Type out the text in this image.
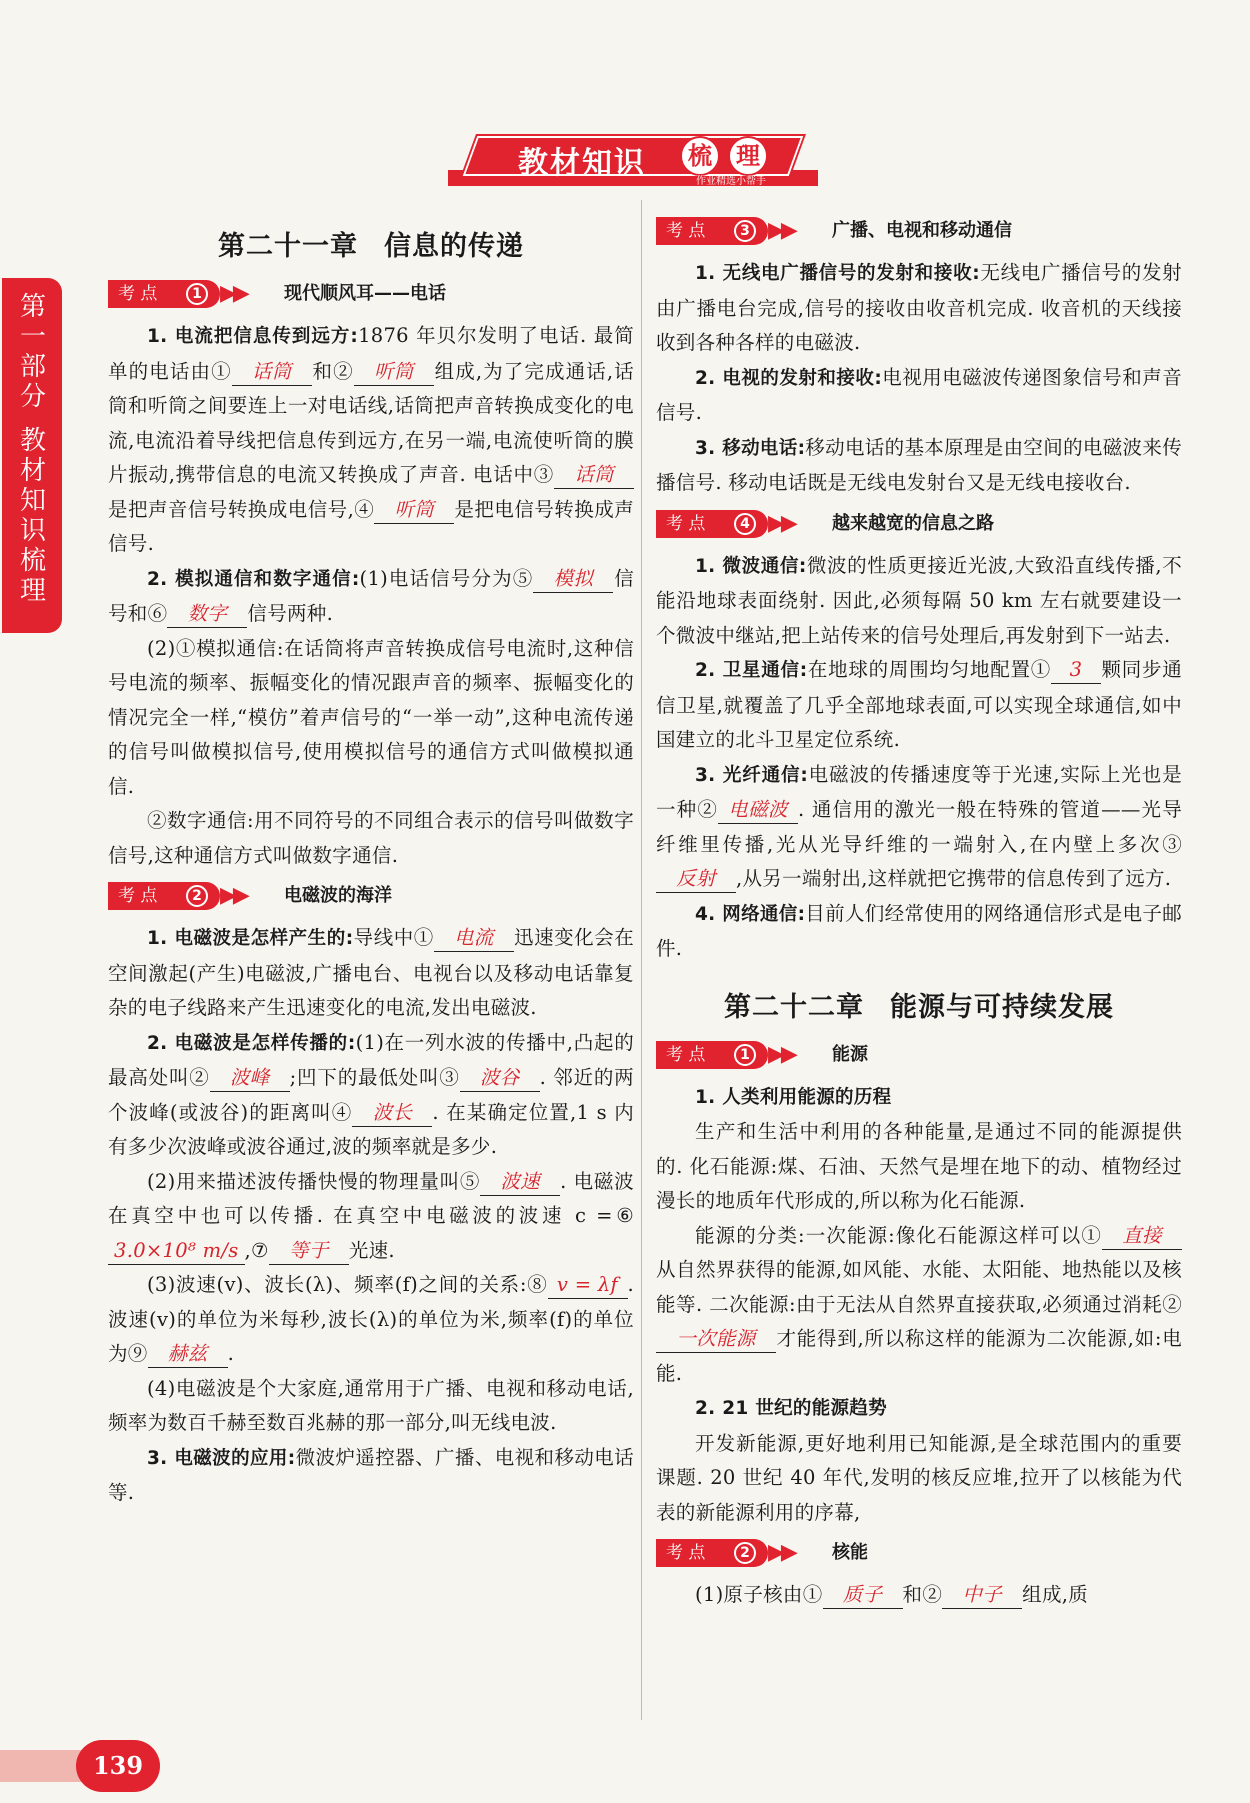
教材知识	梳	理
作业精选小帮手
第
一
部
分
教
材
知
识
梳
理
第二十一章 信息的传递
考 点	1 ▶▶ 现代顺风耳——电话

1. 电流把信息传到远方:1876 年贝尔发明了电话. 最简单的电话由① 话筒 和② 听筒 组成,为了完成通话,话筒和听筒之间要连上一对电话线,话筒把声音转换成变化的电流,电流沿着导线把信息传到远方,在另一端,电流使听筒的膜片振动,携带信息的电流又转换成了声音. 电话中③ 话筒是把声音信号转换成电信号,④ 听筒 是把电信号转换成声信号.

2. 模拟通信和数字通信:(1)电话信号分为⑤ 模拟 信号和⑥ 数字 信号两种.

(2)①模拟通信:在话筒将声音转换成信号电流时,这种信号电流的频率、振幅变化的情况跟声音的频率、振幅变化的情况完全一样,“模仿”着声信号的“一举一动”,这种电流传递的信号叫做模拟信号,使用模拟信号的通信方式叫做模拟通信.

②数字通信:用不同符号的不同组合表示的信号叫做数字信号,这种通信方式叫做数字通信.

考 点	2 ▶▶ 电磁波的海洋

1. 电磁波是怎样产生的:导线中① 电流 迅速变化会在空间激起(产生)电磁波,广播电台、电视台以及移动电话靠复杂的电子线路来产生迅速变化的电流,发出电磁波.

2. 电磁波是怎样传播的:(1)在一列水波的传播中,凸起的最高处叫② 波峰 ;凹下的最低处叫③ 波谷 . 邻近的两个波峰(或波谷)的距离叫④ 波长 . 在某确定位置,1 s 内有多少次波峰或波谷通过,波的频率就是多少.

(2)用来描述波传播快慢的物理量叫⑤ 波速 . 电磁波在真空中也可以传播. 在真空中电磁波的波速 c =⑥3.0×10⁸ m/s ,⑦ 等于 光速.

(3)波速(v)、波长(λ)、频率(f)之间的关系:⑧ v = λf . 波速(v)的单位为米每秒,波长(λ)的单位为米,频率(f)的单位为⑨ 赫兹 .

(4)电磁波是个大家庭,通常用于广播、电视和移动电话,频率为数百千赫至数百兆赫的那一部分,叫无线电波.

3. 电磁波的应用:微波炉遥控器、广播、电视和移动电话等.

考 点	3 ▶▶ 广播、电视和移动通信

1. 无线电广播信号的发射和接收:无线电广播信号的发射由广播电台完成,信号的接收由收音机完成. 收音机的天线接收到各种各样的电磁波.

2. 电视的发射和接收:电视用电磁波传递图象信号和声音信号.

3. 移动电话:移动电话的基本原理是由空间的电磁波来传播信号. 移动电话既是无线电发射台又是无线电接收台.

考 点	4 ▶▶ 越来越宽的信息之路

1. 微波通信:微波的性质更接近光波,大致沿直线传播,不能沿地球表面绕射. 因此,必须每隔 50 km 左右就要建设一个微波中继站,把上站传来的信号处理后,再发射到下一站去.

2. 卫星通信:在地球的周围均匀地配置① 3 颗同步通信卫星,就覆盖了几乎全部地球表面,可以实现全球通信,如中国建立的北斗卫星定位系统.

3. 光纤通信:电磁波的传播速度等于光速,实际上光也是一种② 电磁波 . 通信用的激光一般在特殊的管道——光导纤维里传播,光从光导纤维的一端射入,在内壁上多次③反射 ,从另一端射出,这样就把它携带的信息传到了远方.

4. 网络通信:目前人们经常使用的网络通信形式是电子邮件.

第二十二章 能源与可持续发展
考 点	1 ▶▶ 能源

1. 人类利用能源的历程

生产和生活中利用的各种能量,是通过不同的能源提供的. 化石能源:煤、石油、天然气是埋在地下的动、植物经过漫长的地质年代形成的,所以称为化石能源.

能源的分类:一次能源:像化石能源这样可以① 直接从自然界获得的能源,如风能、水能、太阳能、地热能以及核能等. 二次能源:由于无法从自然界直接获取,必须通过消耗②一次能源 才能得到,所以称这样的能源为二次能源,如:电能.

2. 21 世纪的能源趋势

开发新能源,更好地利用已知能源,是全球范围内的重要课题. 20 世纪 40 年代,发明的核反应堆,拉开了以核能为代表的新能源利用的序幕,

考 点	2 ▶▶ 核能

(1)原子核由① 质子 和② 中子 组成,质

139
